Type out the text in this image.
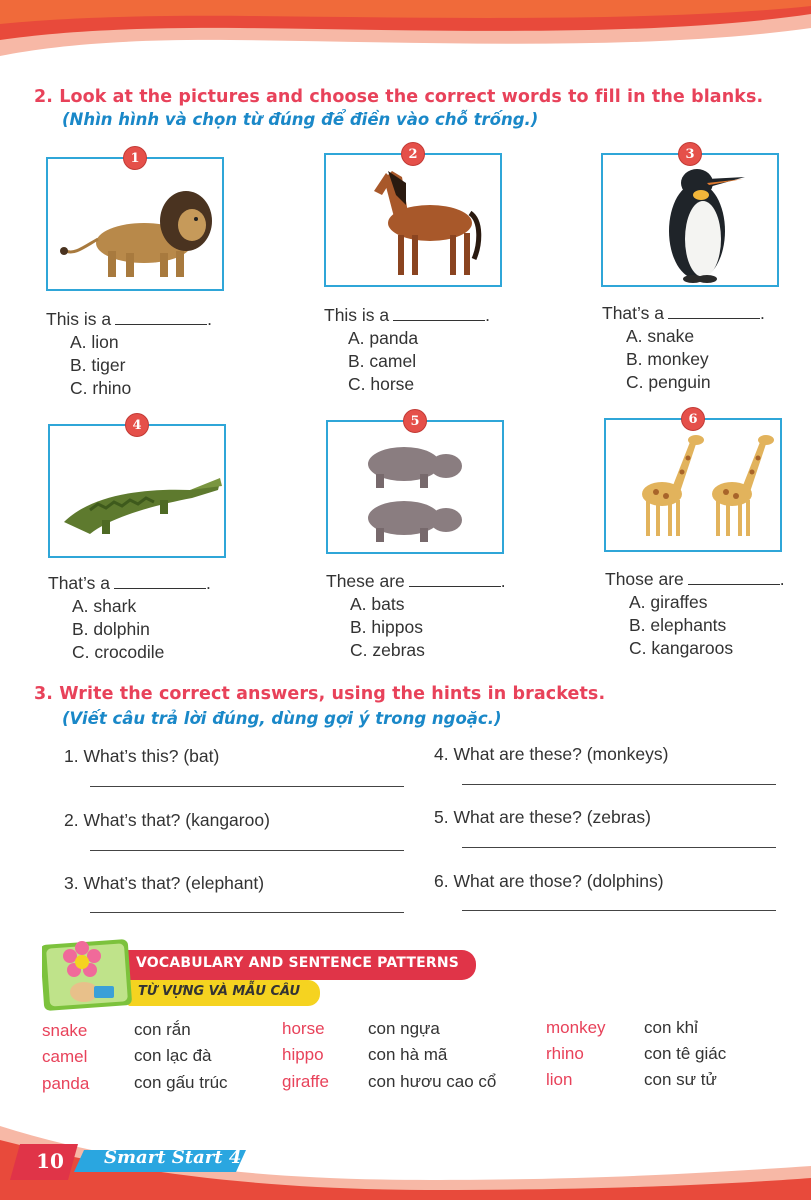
2. Look at the pictures and choose the correct words to fill in the blanks.
(Nhìn hình và chọn từ đúng để điền vào chỗ trống.)
1	2	3
This is a	.
A. lion
B. tiger
C. rhino
This is a	.
A. panda
B. camel
C. horse
That’s a	.
A. snake
B. monkey
C. penguin
4	5	6
That’s a	.
A. shark
B. dolphin
C. crocodile
These are	.
A. bats
B. hippos
C. zebras
Those are	.
A. giraffes
B. elephants
C. kangaroos
3. Write the correct answers, using the hints in brackets.
(Viết câu trả lời đúng, dùng gợi ý trong ngoặc.)
1. What’s this? (bat)
2. What’s that? (kangaroo)
3. What’s that? (elephant)
4. What are these? (monkeys)
5. What are these? (zebras)
6. What are those? (dolphins)
VOCABULARY AND SENTENCE PATTERNS
TỪ VỰNG VÀ MẪU CÂU
snake	con rắn
camel	con lạc đà
panda	con gấu trúc
horse	con ngựa
hippo	con hà mã
giraffe con hươu cao cổ
monkey con khỉ
rhino	con tê giác
lion	con sư tử
10	Smart Start 4
